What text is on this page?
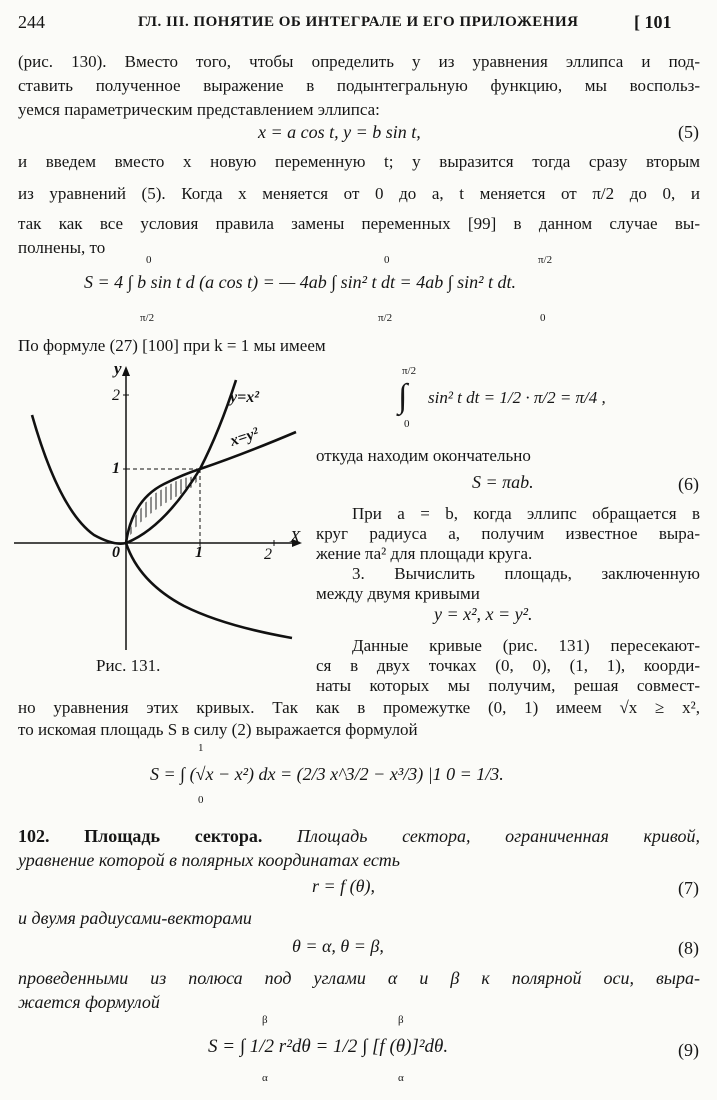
244	ГЛ. III. ПОНЯТИЕ ОБ ИНТЕГРАЛЕ И ЕГО ПРИЛОЖЕНИЯ	[ 101
(рис. 130). Вместо того, чтобы определить y из уравнения эллипса и под-
ставить полученное выражение в подынтегральную функцию, мы воспольз-
уемся параметрическим представлением эллипса:
x = a cos t, y = b sin t,	(5)
и введем вместо x новую переменную t; y выразится тогда сразу вторым
из уравнений (5). Когда x меняется от 0 до a, t меняется от π/2 до 0, и
так как все условия правила замены переменных [99] в данном случае вы-
полнены, то
S = 4 ∫ b sin t d (a cos t) = — 4ab ∫ sin² t dt = 4ab ∫ sin² t dt.
0
π/2
0
π/2
π/2
0
По формуле (27) [100] при k = 1 мы имеем
y
X
0	1	2
1
2	y=x²
x=y²
Рис. 131.
∫
π/2
0
sin² t dt = 1/2 · π/2 = π/4 ,
откуда находим окончательно
S = πab.	(6)
При a = b, когда эллипс обращается в
круг радиуса a, получим известное выра-
жение πa² для площади круга.
3. Вычислить площадь, заключенную
между двумя кривыми
y = x², x = y².
Данные кривые (рис. 131) пересекают-
ся в двух точках (0, 0), (1, 1), коорди-
наты которых мы получим, решая совмест-
но уравнения этих кривых. Так как в промежутке (0, 1) имеем √x ≥ x²,
то искомая площадь S в силу (2) выражается формулой
S = ∫ (√x − x²) dx = (2/3 x^3/2 − x³/3) |1 0 = 1/3.
1
0
102. Площадь сектора. Площадь сектора, ограниченная кривой,
уравнение которой в полярных координатах есть
r = f (θ),	(7)
и двумя радиусами-векторами
θ = α, θ = β,	(8)
проведенными из полюса под углами α и β к полярной оси, выра-
жается формулой
S = ∫ 1/2 r²dθ = 1/2 ∫ [f (θ)]²dθ.
β
α
β
α
(9)
